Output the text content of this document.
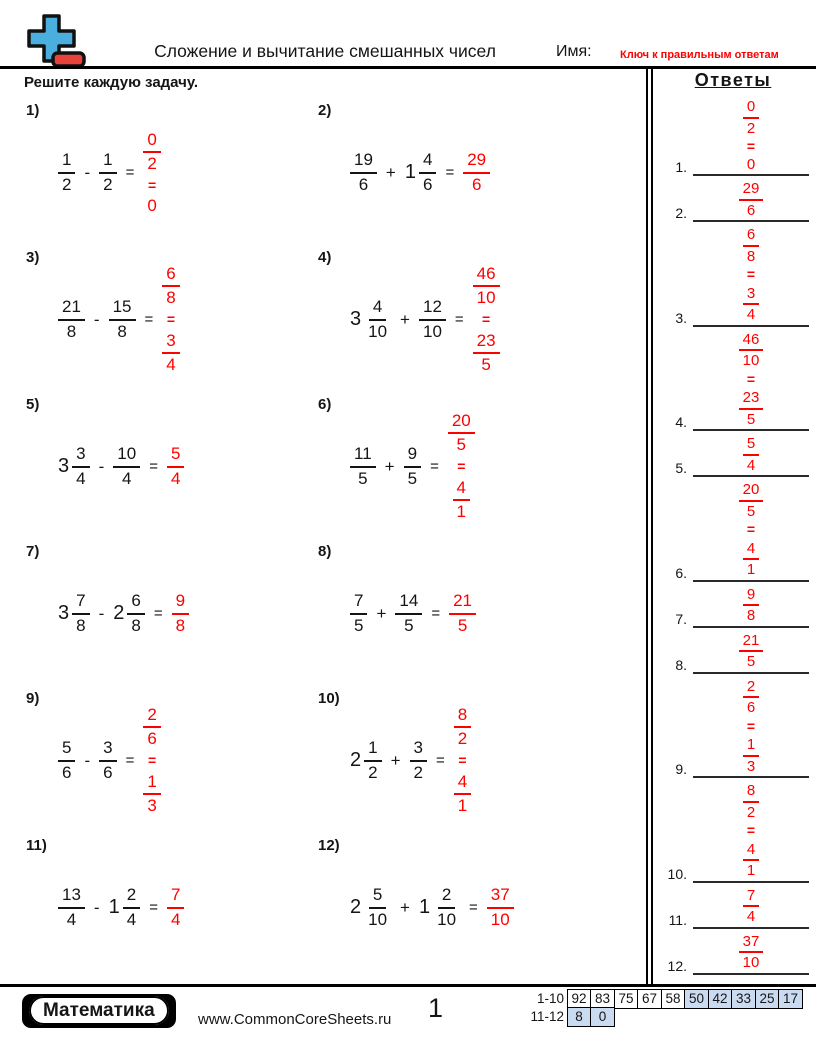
Сложение и вычитание смешанных чисел	Имя:	Ключ к правильным ответам
Решите каждую задачу.
1)
$\frac{1}{2} - \frac{1}{2} = \frac{0}{2}$
=
0
2)
$\frac{19}{6} + 1 \frac{4}{6} = \frac{29}{6}$
3)
$\frac{21}{8} - \frac{15}{8}$ =
$\frac{6}{8}$
=
$\frac{3}{4}$
4)
$3 \frac{4}{10} + \frac{12}{10}$ =
$\frac{46}{10}$
=
$\frac{23}{5}$
5)
$3 \frac{3}{4} - \frac{10}{4} = \frac{5}{4}$
6)
$\frac{11}{5} + \frac{9}{5}$ =
$\frac{20}{5}$
=
$\frac{4}{1}$
7)
$3 \frac{7}{8} - 2 \frac{6}{8} = \frac{9}{8}$
8)
$\frac{7}{5} + \frac{14}{5} = \frac{21}{5}$
9)
$\frac{5}{6} - \frac{3}{6}$ =
$\frac{2}{6}$
=
$\frac{1}{3}$
10)
$2 \frac{1}{2} + \frac{3}{2}$ =
$\frac{8}{2}$
=
$\frac{4}{1}$
11)
$\frac{13}{4} - 1 \frac{2}{4} = \frac{7}{4}$
12)
$2 \frac{5}{10} + 1 \frac{2}{10} = \frac{37}{10}$
Ответы
1.
$\frac{0}{2}$
=
0
2.	$\frac{29}{6}$
3.
$\frac{6}{8}$
=
$\frac{3}{4}$
4.
$\frac{46}{10}$
=
$\frac{23}{5}$
5.	$\frac{5}{4}$
6.
$\frac{20}{5}$
=
$\frac{4}{1}$
7.	$\frac{9}{8}$
8.	$\frac{21}{5}$
9.
$\frac{2}{6}$
=
$\frac{1}{3}$
10.
$\frac{8}{2}$
=
$\frac{4}{1}$
11.	$\frac{7}{4}$
12.	$\frac{37}{10}$
Математика	www.CommonCoreSheets.ru 1	1-10 92 83 75 67 58 50 42 33 25 17
11-12 8	0
